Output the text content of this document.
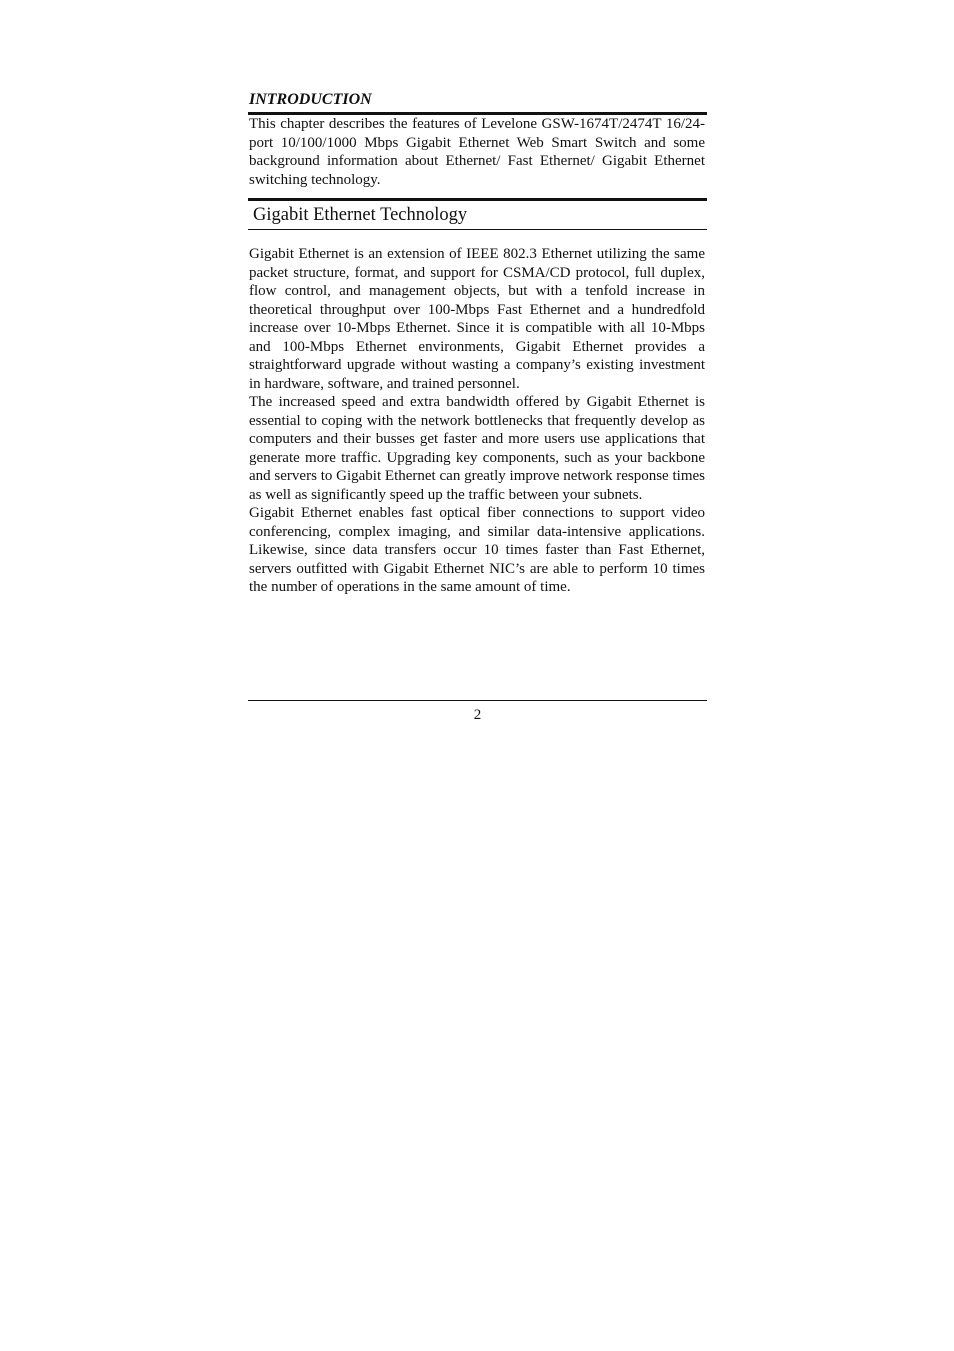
INTRODUCTION

This chapter describes the features of Levelone GSW-1674T/2474T 16/24-port 10/100/1000 Mbps Gigabit Ethernet Web Smart Switch and some background information about Ethernet/ Fast Ethernet/ Gigabit Ethernet switching technology.

Gigabit Ethernet Technology

Gigabit Ethernet is an extension of IEEE 802.3 Ethernet utilizing the same packet structure, format, and support for CSMA/CD protocol, full duplex, flow control, and management objects, but with a tenfold increase in theoretical throughput over 100-Mbps Fast Ethernet and a hundredfold increase over 10-Mbps Ethernet. Since it is compatible with all 10-Mbps and 100-Mbps Ethernet environments, Gigabit Ethernet provides a straightforward upgrade without wasting a company’s existing investment in hardware, software, and trained personnel.

The increased speed and extra bandwidth offered by Gigabit Ethernet is essential to coping with the network bottlenecks that frequently develop as computers and their busses get faster and more users use applications that generate more traffic. Upgrading key components, such as your backbone and servers to Gigabit Ethernet can greatly improve network response times as well as significantly speed up the traffic between your subnets.

Gigabit Ethernet enables fast optical fiber connections to support video conferencing, complex imaging, and similar data-intensive applications. Likewise, since data transfers occur 10 times faster than Fast Ethernet, servers outfitted with Gigabit Ethernet NIC’s are able to perform 10 times the number of operations in the same amount of time.

2
